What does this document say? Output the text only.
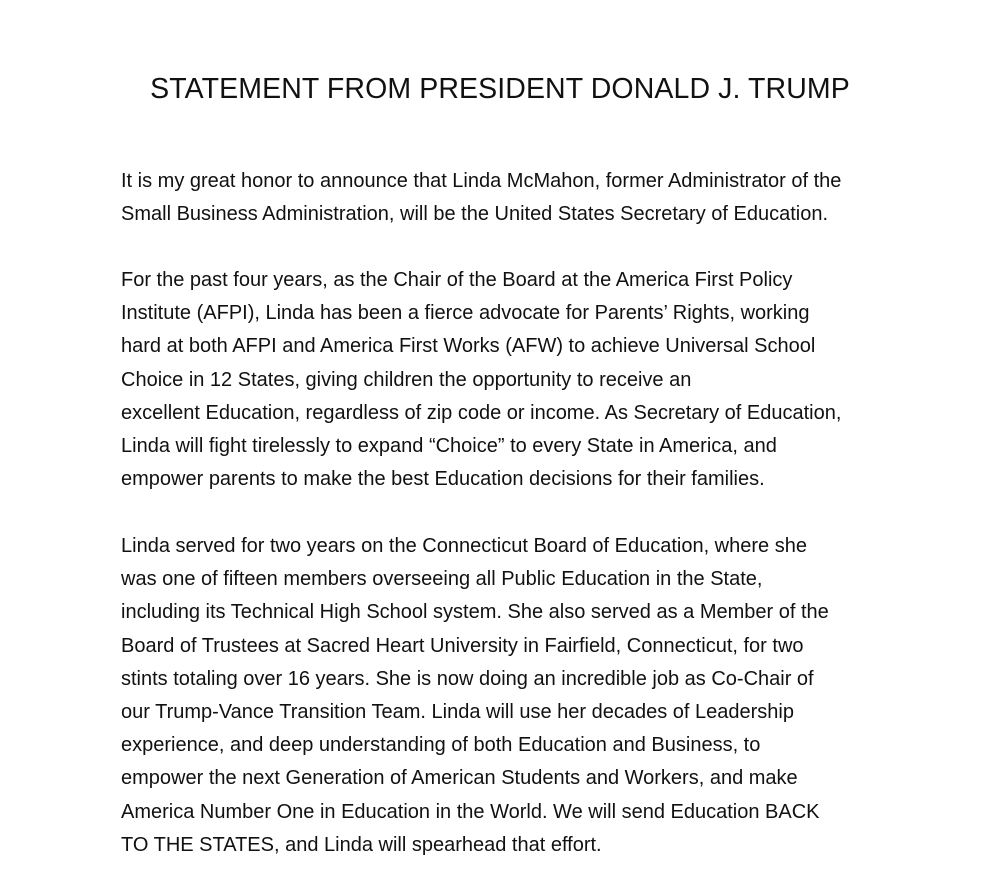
STATEMENT FROM PRESIDENT DONALD J. TRUMP

It is my great honor to announce that Linda McMahon, former Administrator of the
Small Business Administration, will be the United States Secretary of Education.

For the past four years, as the Chair of the Board at the America First Policy
Institute (AFPI), Linda has been a fierce advocate for Parents’ Rights, working
hard at both AFPI and America First Works (AFW) to achieve Universal School
Choice in 12 States, giving children the opportunity to receive an
excellent Education, regardless of zip code or income. As Secretary of Education,
Linda will fight tirelessly to expand “Choice” to every State in America, and
empower parents to make the best Education decisions for their families.

Linda served for two years on the Connecticut Board of Education, where she
was one of fifteen members overseeing all Public Education in the State,
including its Technical High School system. She also served as a Member of the
Board of Trustees at Sacred Heart University in Fairfield, Connecticut, for two
stints totaling over 16 years. She is now doing an incredible job as Co-Chair of
our Trump-Vance Transition Team. Linda will use her decades of Leadership
experience, and deep understanding of both Education and Business, to
empower the next Generation of American Students and Workers, and make
America Number One in Education in the World. We will send Education BACK
TO THE STATES, and Linda will spearhead that effort.
